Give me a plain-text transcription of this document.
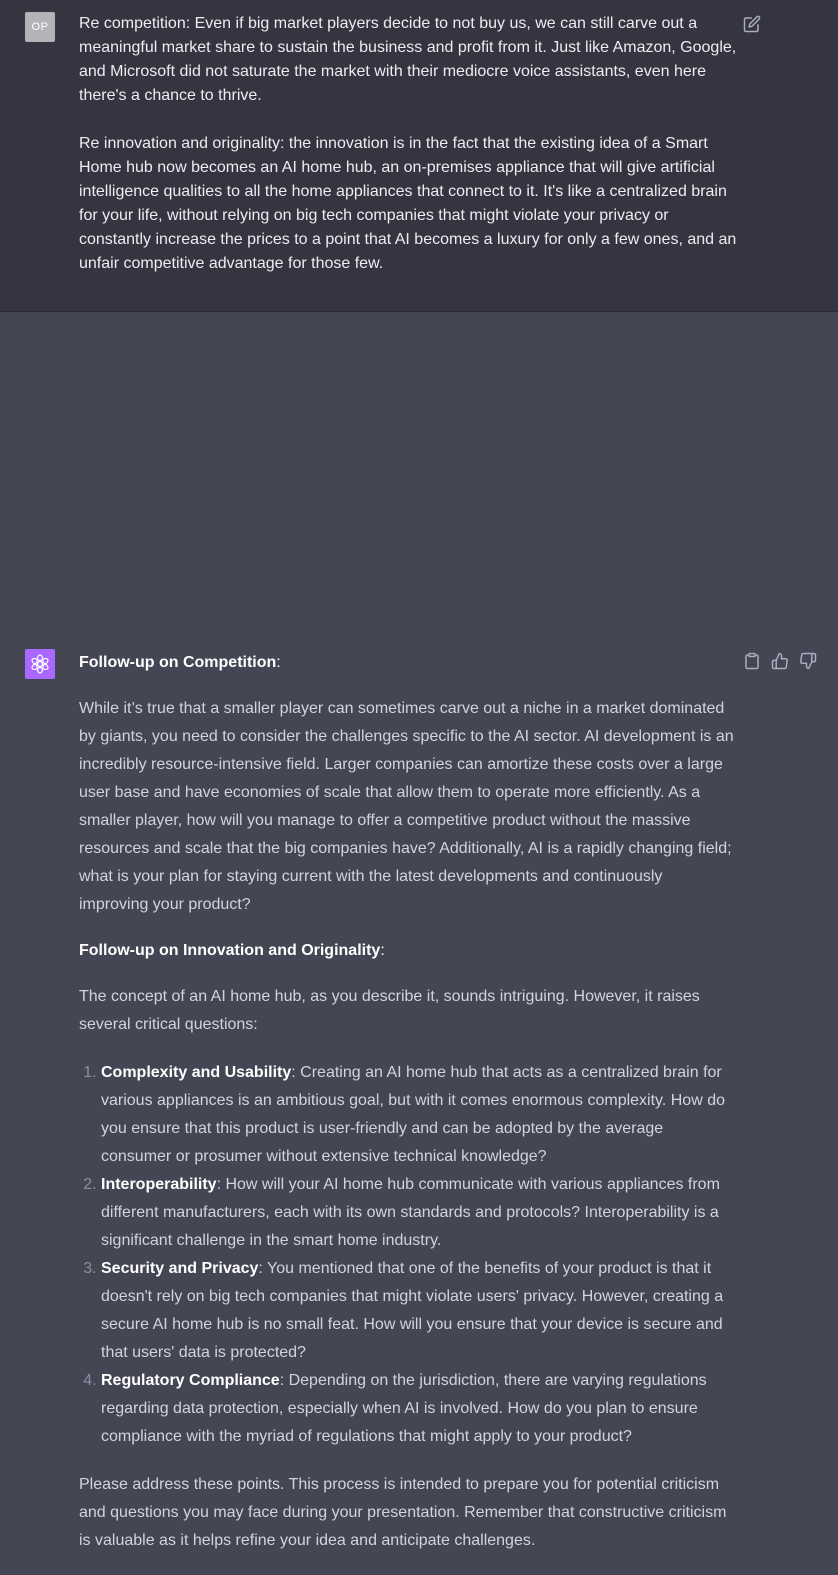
OP	Re competition: Even if big market players decide to not buy us, we can still carve out a meaningful market share to sustain the business and profit from it. Just like Amazon, Google, and Microsoft did not saturate the market with their mediocre voice assistants, even here there's a chance to thrive.

Re innovation and originality: the innovation is in the fact that the existing idea of a Smart Home hub now becomes an AI home hub, an on-premises appliance that will give artificial intelligence qualities to all the home appliances that connect to it. It's like a centralized brain for your life, without relying on big tech companies that might violate your privacy or constantly increase the prices to a point that AI becomes a luxury for only a few ones, and an unfair competitive advantage for those few.

Follow-up on Competition:

While it’s true that a smaller player can sometimes carve out a niche in a market dominated by giants, you need to consider the challenges specific to the AI sector. AI development is an incredibly resource-intensive field. Larger companies can amortize these costs over a large user base and have economies of scale that allow them to operate more efficiently. As a smaller player, how will you manage to offer a competitive product without the massive resources and scale that the big companies have? Additionally, AI is a rapidly changing field; what is your plan for staying current with the latest developments and continuously improving your product?

Follow-up on Innovation and Originality:

The concept of an AI home hub, as you describe it, sounds intriguing. However, it raises several critical questions:

1. Complexity and Usability: Creating an AI home hub that acts as a centralized brain for various appliances is an ambitious goal, but with it comes enormous complexity. How do you ensure that this product is user-friendly and can be adopted by the average consumer or prosumer without extensive technical knowledge?
2. Interoperability: How will your AI home hub communicate with various appliances from different manufacturers, each with its own standards and protocols? Interoperability is a significant challenge in the smart home industry.
3. Security and Privacy: You mentioned that one of the benefits of your product is that it doesn't rely on big tech companies that might violate users' privacy. However, creating a secure AI home hub is no small feat. How will you ensure that your device is secure and that users' data is protected?
4. Regulatory Compliance: Depending on the jurisdiction, there are varying regulations regarding data protection, especially when AI is involved. How do you plan to ensure compliance with the myriad of regulations that might apply to your product?

Please address these points. This process is intended to prepare you for potential criticism and questions you may face during your presentation. Remember that constructive criticism is valuable as it helps refine your idea and anticipate challenges.
